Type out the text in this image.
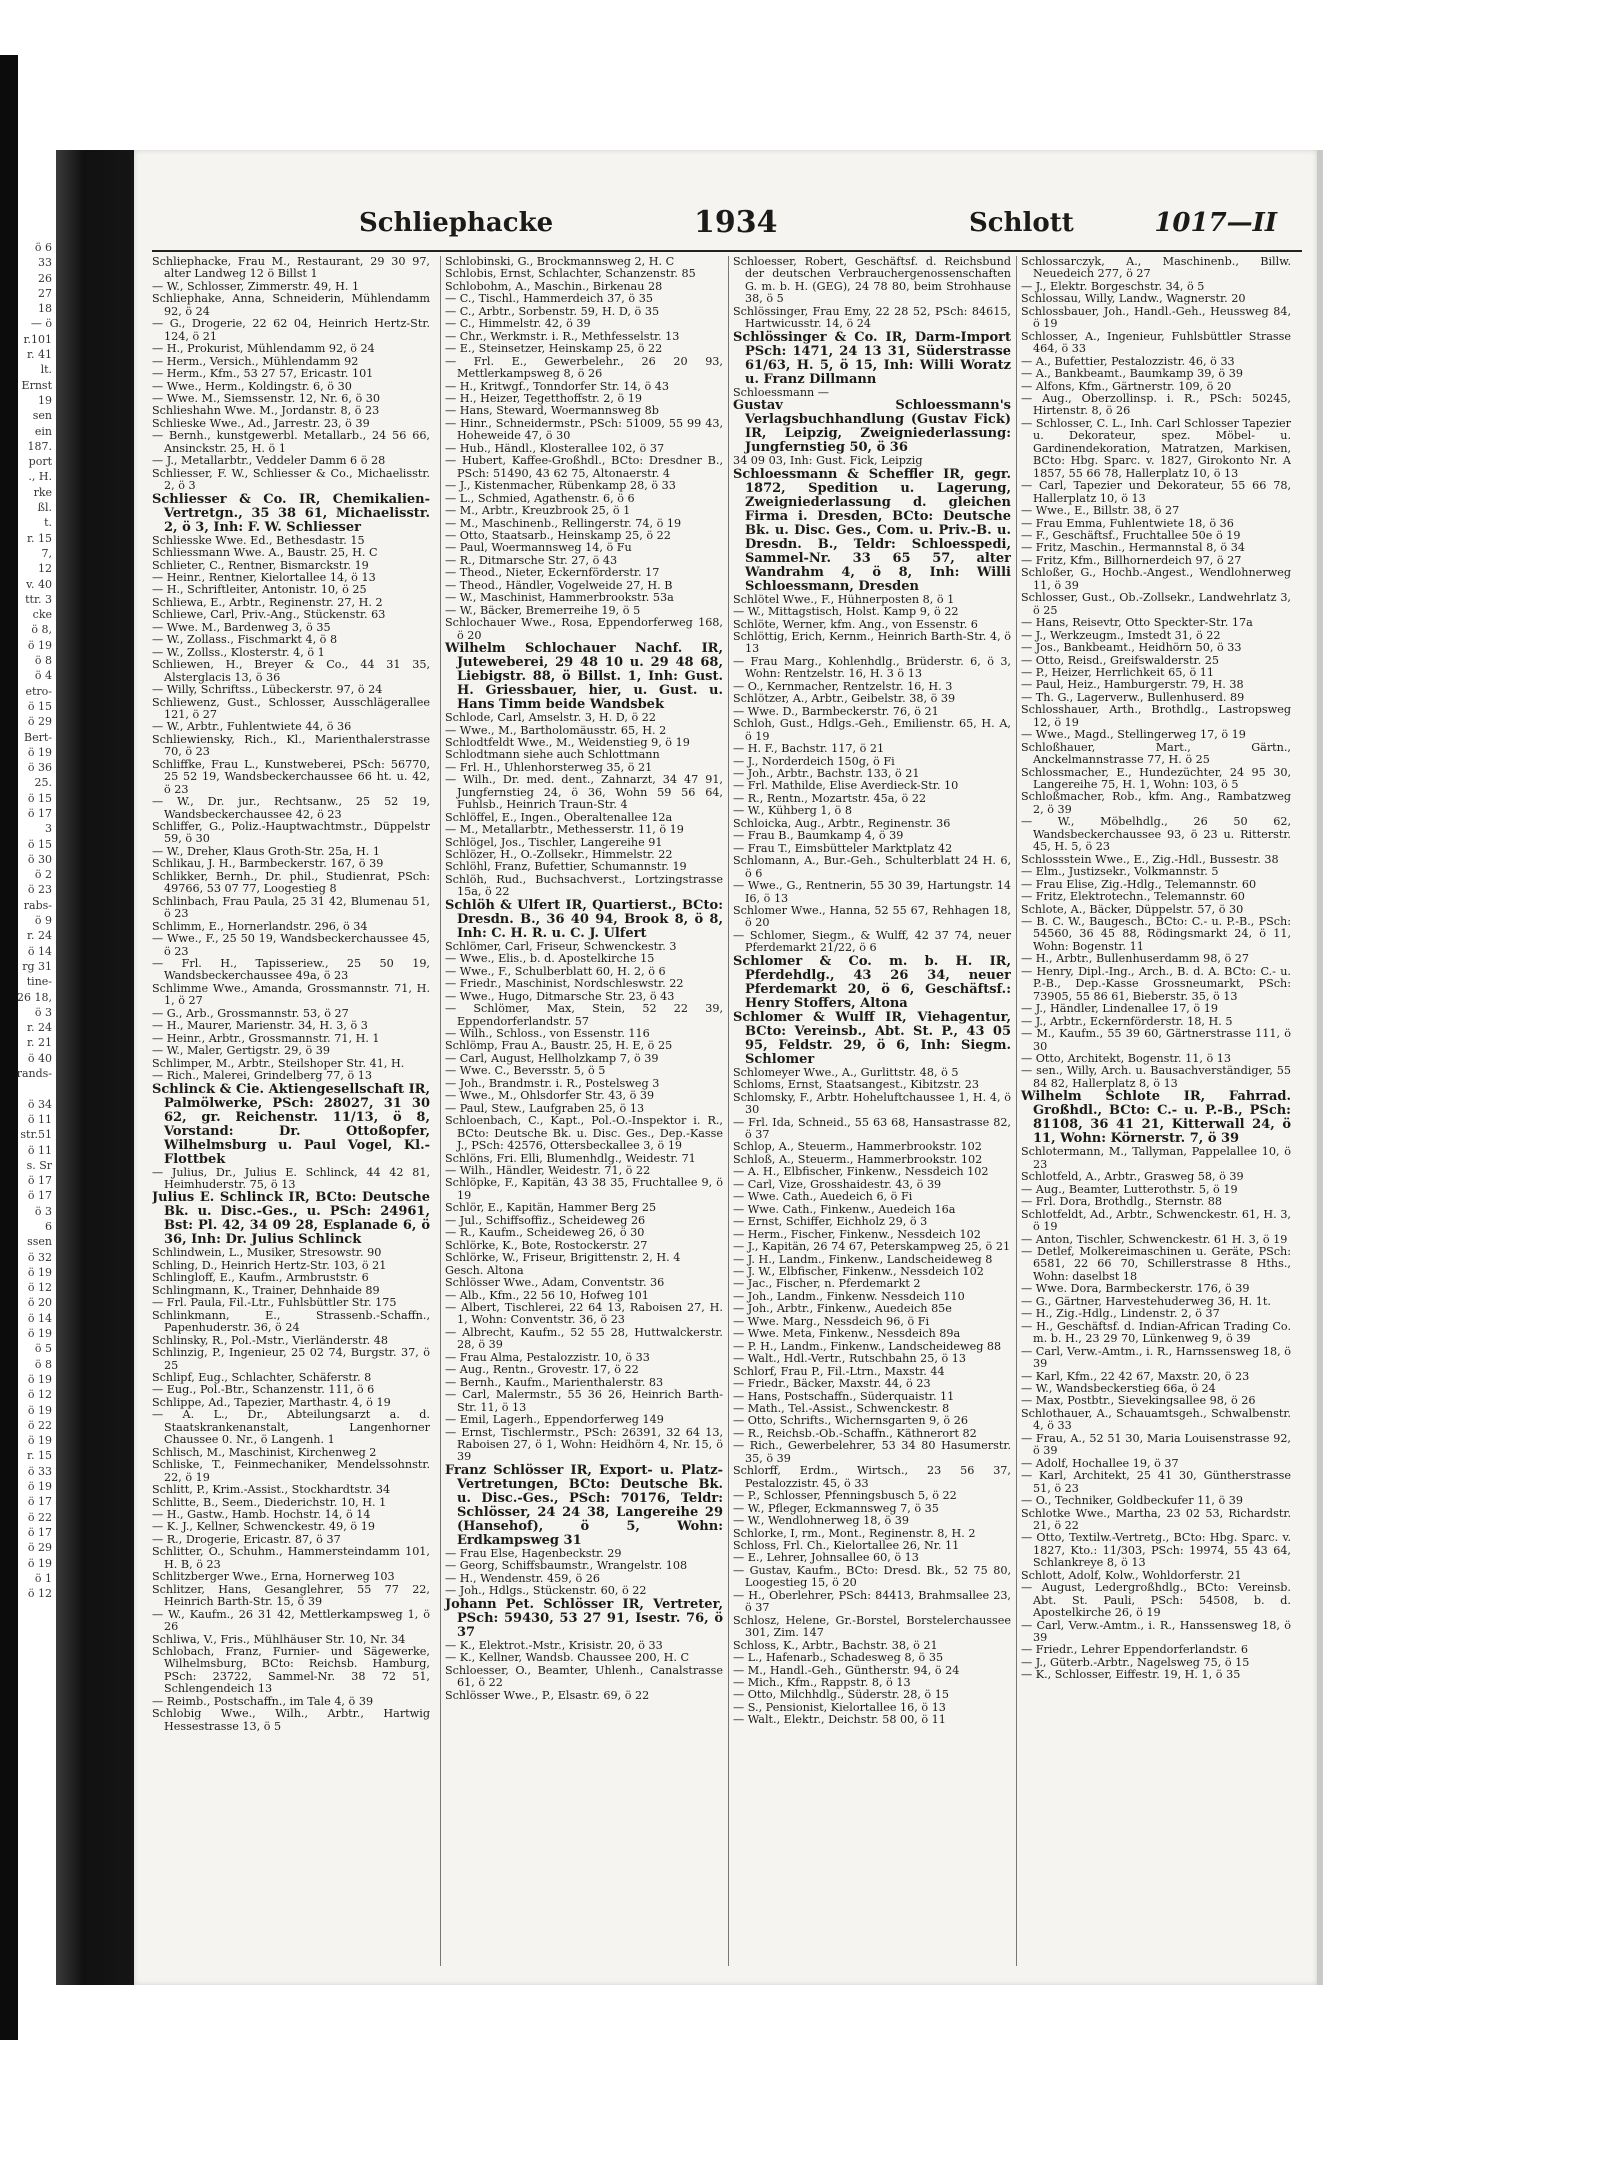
ö 6
33
26
27
18
— ö
r.101
r. 41
lt.
Ernst
19
sen
ein
187.
port
., H.
rke
ßl.
t.
r. 15
7,
12
v. 40
ttr. 3
cke
ö 8,
ö 19
ö 8
ö 4
etro-
ö 15
ö 29
Bert-
ö 19
ö 36
25.
ö 15
ö 17
3
ö 15
ö 30
ö 2
ö 23
rabs-
ö 9
r. 24
ö 14
rg 31
tine-
26 18,
ö 3
r. 24
r. 21
ö 40
rands-
ö 34
ö 11
str.51
ö 11
s. Sr
ö 17
ö 17
ö 3
6
ssen
ö 32
ö 19
ö 12
ö 20
ö 14
ö 19
ö 5
ö 8
ö 19
ö 12
ö 19
ö 22
ö 19
r. 15
ö 33
ö 19
ö 17
ö 22
ö 17
ö 29
ö 19
ö 1
ö 12
Schliephacke	1934	Schlott	1017—II

Schliephacke, Frau M., Restaurant, 29 30 97, alter Landweg 12 ö Billst 1

— W., Schlosser, Zimmerstr. 49, H. 1

Schliephake, Anna, Schneiderin, Mühlendamm 92, ö 24

— G., Drogerie, 22 62 04, Heinrich Hertz-Str. 124, ö 21

— H., Prokurist, Mühlendamm 92, ö 24

— Herm., Versich., Mühlendamm 92

— Herm., Kfm., 53 27 57, Ericastr. 101

— Wwe., Herm., Koldingstr. 6, ö 30

— Wwe. M., Siemssenstr. 12, Nr. 6, ö 30

Schlieshahn Wwe. M., Jordanstr. 8, ö 23

Schlieske Wwe., Ad., Jarrestr. 23, ö 39

— Bernh., kunstgewerbl. Metallarb., 24 56 66, Ansinckstr. 25, H. ö 1

— J., Metallarbtr., Veddeler Damm 6 ö 28

Schliesser, F. W., Schliesser & Co., Michaelisstr. 2, ö 3

Schliesser & Co. IR, Chemikalien-Vertretgn., 35 38 61, Michaelisstr. 2, ö 3, Inh: F. W. Schliesser

Schliesske Wwe. Ed., Bethesdastr. 15

Schliessmann Wwe. A., Baustr. 25, H. C

Schlieter, C., Rentner, Bismarckstr. 19

— Heinr., Rentner, Kielortallee 14, ö 13

— H., Schriftleiter, Antonistr. 10, ö 25

Schliewa, E., Arbtr., Reginenstr. 27, H. 2

Schliewe, Carl, Priv.-Ang., Stückenstr. 63

— Wwe. M., Bardenweg 3, ö 35

— W., Zollass., Fischmarkt 4, ö 8

— W., Zollss., Klosterstr. 4, ö 1

Schliewen, H., Breyer & Co., 44 31 35, Alsterglacis 13, ö 36

— Willy, Schriftss., Lübeckerstr. 97, ö 24

Schliewenz, Gust., Schlosser, Ausschlägerallee 121, ö 27

— W., Arbtr., Fuhlentwiete 44, ö 36

Schliewiensky, Rich., Kl., Marienthalerstrasse 70, ö 23

Schliffke, Frau L., Kunstweberei, PSch: 56770, 25 52 19, Wandsbeckerchaussee 66 ht. u. 42, ö 23

— W., Dr. jur., Rechtsanw., 25 52 19, Wandsbeckerchaussee 42, ö 23

Schliffer, G., Poliz.-Hauptwachtmstr., Düppelstr 59, ö 30

— W., Dreher, Klaus Groth-Str. 25a, H. 1

Schlikau, J. H., Barmbeckerstr. 167, ö 39

Schlikker, Bernh., Dr. phil., Studienrat, PSch: 49766, 53 07 77, Loogestieg 8

Schlinbach, Frau Paula, 25 31 42, Blumenau 51, ö 23

Schlimm, E., Hornerlandstr. 296, ö 34

— Wwe., F., 25 50 19, Wandsbeckerchaussee 45, ö 23

— Frl. H., Tapisseriew., 25 50 19, Wandsbeckerchaussee 49a, ö 23

Schlimme Wwe., Amanda, Grossmannstr. 71, H. 1, ö 27

— G., Arb., Grossmannstr. 53, ö 27

— H., Maurer, Marienstr. 34, H. 3, ö 3

— Heinr., Arbtr., Grossmannstr. 71, H. 1

— W., Maler, Gertigstr. 29, ö 39

Schlimper, M., Arbtr., Steilshoper Str. 41, H.

— Rich., Malerei, Grindelberg 77, ö 13

Schlinck & Cie. Aktiengesellschaft IR, Palmölwerke, PSch: 28027, 31 30 62, gr. Reichenstr. 11/13, ö 8, Vorstand: Dr. Ottoßopfer, Wilhelmsburg u. Paul Vogel, Kl.-Flottbek

— Julius, Dr., Julius E. Schlinck, 44 42 81, Heimhuderstr. 75, ö 13

Julius E. Schlinck IR, BCto: Deutsche Bk. u. Disc.-Ges., u. PSch: 24961, Bst: Pl. 42, 34 09 28, Esplanade 6, ö 36, Inh: Dr. Julius Schlinck

Schlindwein, L., Musiker, Stresowstr. 90

Schling, D., Heinrich Hertz-Str. 103, ö 21

Schlingloff, E., Kaufm., Armbruststr. 6

Schlingmann, K., Trainer, Dehnhaide 89

— Frl. Paula, Fil.-Ltr., Fuhlsbüttler Str. 175

Schlinkmann, E., Strassenb.-Schaffn., Papenhuderstr. 36, ö 24

Schlinsky, R., Pol.-Mstr., Vierländerstr. 48

Schlinzig, P., Ingenieur, 25 02 74, Burgstr. 37, ö 25

Schlipf, Eug., Schlachter, Schäferstr. 8

— Eug., Pol.-Btr., Schanzenstr. 111, ö 6

Schlippe, Ad., Tapezier, Marthastr. 4, ö 19

— A. L., Dr., Abteilungsarzt a. d. Staatskrankenanstalt, Langenhorner Chaussee 0. Nr., ö Langenh. 1

Schlisch, M., Maschinist, Kirchenweg 2

Schliske, T., Feinmechaniker, Mendelssohnstr. 22, ö 19

Schlitt, P., Krim.-Assist., Stockhardtstr. 34

Schlitte, B., Seem., Diederichstr. 10, H. 1

— H., Gastw., Hamb. Hochstr. 14, ö 14

— K. J., Kellner, Schwenckestr. 49, ö 19

— R., Drogerie, Ericastr. 87, ö 37

Schlitter, O., Schuhm., Hammersteindamm 101, H. B, ö 23

Schlitzberger Wwe., Erna, Hornerweg 103

Schlitzer, Hans, Gesanglehrer, 55 77 22, Heinrich Barth-Str. 15, ö 39

— W., Kaufm., 26 31 42, Mettlerkampsweg 1, ö 26

Schliwa, V., Fris., Mühlhäuser Str. 10, Nr. 34

Schlobach, Franz, Furnier- und Sägewerke, Wilhelmsburg, BCto: Reichsb. Hamburg, PSch: 23722, Sammel-Nr. 38 72 51, Schlengendeich 13

— Reimb., Postschaffn., im Tale 4, ö 39

Schlobig Wwe., Wilh., Arbtr., Hartwig Hessestrasse 13, ö 5

Schlobinski, G., Brockmannsweg 2, H. C

Schlobis, Ernst, Schlachter, Schanzenstr. 85

Schlobohm, A., Maschin., Birkenau 28

— C., Tischl., Hammerdeich 37, ö 35

— C., Arbtr., Sorbenstr. 59, H. D, ö 35

— C., Himmelstr. 42, ö 39

— Chr., Werkmstr. i. R., Methfesselstr. 13

— E., Steinsetzer, Heinskamp 25, ö 22

— Frl. E., Gewerbelehr., 26 20 93, Mettlerkampsweg 8, ö 26

— H., Kritwgf., Tonndorfer Str. 14, ö 43

— H., Heizer, Tegetthoffstr. 2, ö 19

— Hans, Steward, Woermannsweg 8b

— Hinr., Schneidermstr., PSch: 51009, 55 99 43, Hoheweide 47, ö 30

— Hub., Händl., Klosterallee 102, ö 37

— Hubert, Kaffee-Großhdl., BCto: Dresdner B., PSch: 51490, 43 62 75, Altonaerstr. 4

— J., Kistenmacher, Rübenkamp 28, ö 33

— L., Schmied, Agathenstr. 6, ö 6

— M., Arbtr., Kreuzbrook 25, ö 1

— M., Maschinenb., Rellingerstr. 74, ö 19

— Otto, Staatsarb., Heinskamp 25, ö 22

— Paul, Woermannsweg 14, ö Fu

— R., Ditmarsche Str. 27, ö 43

— Theod., Nieter, Eckernförderstr. 17

— Theod., Händler, Vogelweide 27, H. B

— W., Maschinist, Hammerbrookstr. 53a

— W., Bäcker, Bremerreihe 19, ö 5

Schlochauer Wwe., Rosa, Eppendorferweg 168, ö 20

Wilhelm Schlochauer Nachf. IR, Juteweberei, 29 48 10 u. 29 48 68, Liebigstr. 88, ö Billst. 1, Inh: Gust. H. Griessbauer, hier, u. Gust. u. Hans Timm beide Wandsbek

Schlode, Carl, Amselstr. 3, H. D, ö 22

— Wwe., M., Bartholomäusstr. 65, H. 2

Schlodtfeldt Wwe., M., Weidenstieg 9, ö 19

Schlodtmann siehe auch Schlottmann

— Frl. H., Uhlenhorsterweg 35, ö 21

— Wilh., Dr. med. dent., Zahnarzt, 34 47 91, Jungfernstieg 24, ö 36, Wohn 59 56 64, Fuhlsb., Heinrich Traun-Str. 4

Schlöffel, E., Ingen., Oberaltenallee 12a

— M., Metallarbtr., Methesserstr. 11, ö 19

Schlögel, Jos., Tischler, Langereihe 91

Schlözer, H., O.-Zollsekr., Himmelstr. 22

Schlöhl, Franz, Bufettier, Schumannstr. 19

Schlöh, Rud., Buchsachverst., Lortzingstrasse 15a, ö 22

Schlöh & Ulfert IR, Quartierst., BCto: Dresdn. B., 36 40 94, Brook 8, ö 8, Inh: C. H. R. u. C. J. Ulfert

Schlömer, Carl, Friseur, Schwenckestr. 3

— Wwe., Elis., b. d. Apostelkirche 15

— Wwe., F., Schulberblatt 60, H. 2, ö 6

— Friedr., Maschinist, Nordschleswstr. 22

— Wwe., Hugo, Ditmarsche Str. 23, ö 43

— Schlömer, Max, Stein, 52 22 39, Eppendorferlandstr. 57

— Wilh., Schloss., von Essenstr. 116

Schlömp, Frau A., Baustr. 25, H. E, ö 25

— Carl, August, Hellholzkamp 7, ö 39

— Wwe. C., Beversstr. 5, ö 5

— Joh., Brandmstr. i. R., Postelsweg 3

— Wwe., M., Ohlsdorfer Str. 43, ö 39

— Paul, Stew., Laufgraben 25, ö 13

Schloenbach, C., Kapt., Pol.-O.-Inspektor i. R., BCto: Deutsche Bk. u. Disc. Ges., Dep.-Kasse J., PSch: 42576, Ottersbeckallee 3, ö 19

Schlöns, Fri. Elli, Blumenhdlg., Weidestr. 71

— Wilh., Händler, Weidestr. 71, ö 22

Schlöpke, F., Kapitän, 43 38 35, Fruchtallee 9, ö 19

Schlör, E., Kapitän, Hammer Berg 25

— Jul., Schiffsoffiz., Scheideweg 26

— R., Kaufm., Scheideweg 26, ö 30

Schlörke, K., Bote, Rostockerstr. 27

Schlörke, W., Friseur, Brigittenstr. 2, H. 4

Gesch. Altona

Schlösser Wwe., Adam, Conventstr. 36

— Alb., Kfm., 22 56 10, Hofweg 101

— Albert, Tischlerei, 22 64 13, Raboisen 27, H. 1, Wohn: Conventstr. 36, ö 23

— Albrecht, Kaufm., 52 55 28, Huttwalckerstr. 28, ö 39

— Frau Alma, Pestalozzistr. 10, ö 33

— Aug., Rentn., Grovestr. 17, ö 22

— Bernh., Kaufm., Marienthalerstr. 83

— Carl, Malermstr., 55 36 26, Heinrich Barth-Str. 11, ö 13

— Emil, Lagerh., Eppendorferweg 149

— Ernst, Tischlermstr., PSch: 26391, 32 64 13, Raboisen 27, ö 1, Wohn: Heidhörn 4, Nr. 15, ö 39

Franz Schlösser IR, Export- u. Platz-Vertretungen, BCto: Deutsche Bk. u. Disc.-Ges., PSch: 70176, Teldr: Schlösser, 24 24 38, Langereihe 29 (Hansehof), ö 5, Wohn: Erdkampsweg 31

— Frau Else, Hagenbeckstr. 29

— Georg, Schiffsbaumstr., Wrangelstr. 108

— H., Wendenstr. 459, ö 26

— Joh., Hdlgs., Stückenstr. 60, ö 22

Johann Pet. Schlösser IR, Vertreter, PSch: 59430, 53 27 91, Isestr. 76, ö 37

— K., Elektrot.-Mstr., Krisistr. 20, ö 33

— K., Kellner, Wandsb. Chaussee 200, H. C

Schloesser, O., Beamter, Uhlenh., Canalstrasse 61, ö 22

Schlösser Wwe., P., Elsastr. 69, ö 22

Schloesser, Robert, Geschäftsf. d. Reichsbund der deutschen Verbrauchergenossenschaften G. m. b. H. (GEG), 24 78 80, beim Strohhause 38, ö 5

Schlössinger, Frau Emy, 22 28 52, PSch: 84615, Hartwicusstr. 14, ö 24

Schlössinger & Co. IR, Darm-Import PSch: 1471, 24 13 31, Süderstrasse 61/63, H. 5, ö 15, Inh: Willi Woratz u. Franz Dillmann

Schloessmann —

Gustav Schloessmann's Verlagsbuchhandlung (Gustav Fick) IR, Leipzig, Zweigniederlassung: Jungfernstieg 50, ö 36

34 09 03, Inh: Gust. Fick, Leipzig

Schloessmann & Scheffler IR, gegr. 1872, Spedition u. Lagerung, Zweigniederlassung d. gleichen Firma i. Dresden, BCto: Deutsche Bk. u. Disc. Ges., Com. u. Priv.-B. u. Dresdn. B., Teldr: Schloesspedi, Sammel-Nr. 33 65 57, alter Wandrahm 4, ö 8, Inh: Willi Schloessmann, Dresden

Schlötel Wwe., F., Hühnerposten 8, ö 1

— W., Mittagstisch, Holst. Kamp 9, ö 22

Schlöte, Werner, kfm. Ang., von Essenstr. 6

Schlöttig, Erich, Kernm., Heinrich Barth-Str. 4, ö 13

— Frau Marg., Kohlenhdlg., Brüderstr. 6, ö 3, Wohn: Rentzelstr. 16, H. 3 ö 13

— O., Kernmacher, Rentzelstr. 16, H. 3

Schlötzer, A., Arbtr., Geibelstr. 38, ö 39

— Wwe. D., Barmbeckerstr. 76, ö 21

Schloh, Gust., Hdlgs.-Geh., Emilienstr. 65, H. A, ö 19

— H. F., Bachstr. 117, ö 21

— J., Norderdeich 150g, ö Fi

— Joh., Arbtr., Bachstr. 133, ö 21

— Frl. Mathilde, Elise Averdieck-Str. 10

— R., Rentn., Mozartstr. 45a, ö 22

— W., Kühberg 1, ö 8

Schloicka, Aug., Arbtr., Reginenstr. 36

— Frau B., Baumkamp 4, ö 39

— Frau T., Eimsbütteler Marktplatz 42

Schlomann, A., Bur.-Geh., Schulterblatt 24 H. 6, ö 6

— Wwe., G., Rentnerin, 55 30 39, Hartungstr. 14 I6, ö 13

Schlomer Wwe., Hanna, 52 55 67, Rehhagen 18, ö 20

— Schlomer, Siegm., & Wulff, 42 37 74, neuer Pferdemarkt 21/22, ö 6

Schlomer & Co. m. b. H. IR, Pferdehdlg., 43 26 34, neuer Pferdemarkt 20, ö 6, Geschäftsf.: Henry Stoffers, Altona

Schlomer & Wulff IR, Viehagentur, BCto: Vereinsb., Abt. St. P., 43 05 95, Feldstr. 29, ö 6, Inh: Siegm. Schlomer

Schlomeyer Wwe., A., Gurlittstr. 48, ö 5

Schloms, Ernst, Staatsangest., Kibitzstr. 23

Schlomsky, F., Arbtr. Hoheluftchaussee 1, H. 4, ö 30

— Frl. Ida, Schneid., 55 63 68, Hansastrasse 82, ö 37

Schlop, A., Steuerm., Hammerbrookstr. 102

Schloß, A., Steuerm., Hammerbrookstr. 102

— A. H., Elbfischer, Finkenw., Nessdeich 102

— Carl, Vize, Grosshaidestr. 43, ö 39

— Wwe. Cath., Auedeich 6, ö Fi

— Wwe. Cath., Finkenw., Auedeich 16a

— Ernst, Schiffer, Eichholz 29, ö 3

— Herm., Fischer, Finkenw., Nessdeich 102

— J., Kapitän, 26 74 67, Peterskampweg 25, ö 21

— J. H., Landm., Finkenw., Landscheideweg 8

— J. W., Elbfischer, Finkenw., Nessdeich 102

— Jac., Fischer, n. Pferdemarkt 2

— Joh., Landm., Finkenw. Nessdeich 110

— Joh., Arbtr., Finkenw., Auedeich 85e

— Wwe. Marg., Nessdeich 96, ö Fi

— Wwe. Meta, Finkenw., Nessdeich 89a

— P. H., Landm., Finkenw., Landscheideweg 88

— Walt., Hdl.-Vertr., Rutschbahn 25, ö 13

Schlorf, Frau P., Fil.-Ltrn., Maxstr. 44

— Friedr., Bäcker, Maxstr. 44, ö 23

— Hans, Postschaffn., Süderquaistr. 11

— Math., Tel.-Assist., Schwenckestr. 8

— Otto, Schrifts., Wichernsgarten 9, ö 26

— R., Reichsb.-Ob.-Schaffn., Käthnerort 82

— Rich., Gewerbelehrer, 53 34 80 Hasumerstr. 35, ö 39

Schlorff, Erdm., Wirtsch., 23 56 37, Pestalozzistr. 45, ö 33

— P., Schlosser, Pfenningsbusch 5, ö 22

— W., Pfleger, Eckmannsweg 7, ö 35

— W., Wendlohnerweg 18, ö 39

Schlorke, I, rm., Mont., Reginenstr. 8, H. 2

Schloss, Frl. Ch., Kielortallee 26, Nr. 11

— E., Lehrer, Johnsallee 60, ö 13

— Gustav, Kaufm., BCto: Dresd. Bk., 52 75 80, Loogestieg 15, ö 20

— H., Oberlehrer, PSch: 84413, Brahmsallee 23, ö 37

Schlosz, Helene, Gr.-Borstel, Borstelerchaussee 301, Zim. 147

Schloss, K., Arbtr., Bachstr. 38, ö 21

— L., Hafenarb., Schadesweg 8, ö 35

— M., Handl.-Geh., Güntherstr. 94, ö 24

— Mich., Kfm., Rappstr. 8, ö 13

— Otto, Milchhdlg., Süderstr. 28, ö 15

— S., Pensionist, Kielortallee 16, ö 13

— Walt., Elektr., Deichstr. 58 00, ö 11

Schlossarczyk, A., Maschinenb., Billw. Neuedeich 277, ö 27

— J., Elektr. Borgeschstr. 34, ö 5

Schlossau, Willy, Landw., Wagnerstr. 20

Schlossbauer, Joh., Handl.-Geh., Heussweg 84, ö 19

Schlosser, A., Ingenieur, Fuhlsbüttler Strasse 464, ö 33

— A., Bufettier, Pestalozzistr. 46, ö 33

— A., Bankbeamt., Baumkamp 39, ö 39

— Alfons, Kfm., Gärtnerstr. 109, ö 20

— Aug., Oberzollinsp. i. R., PSch: 50245, Hirtenstr. 8, ö 26

— Schlosser, C. L., Inh. Carl Schlosser Tapezier u. Dekorateur, spez. Möbel- u. Gardinendekoration, Matratzen, Markisen, BCto: Hbg. Sparc. v. 1827, Girokonto Nr. A 1857, 55 66 78, Hallerplatz 10, ö 13

— Carl, Tapezier und Dekorateur, 55 66 78, Hallerplatz 10, ö 13

— Wwe., E., Billstr. 38, ö 27

— Frau Emma, Fuhlentwiete 18, ö 36

— F., Geschäftsf., Fruchtallee 50e ö 19

— Fritz, Maschin., Hermannstal 8, ö 34

— Fritz, Kfm., Billhornerdeich 97, ö 27

Schloßer, G., Hochb.-Angest., Wendlohnerweg 11, ö 39

Schlosser, Gust., Ob.-Zollsekr., Landwehrlatz 3, ö 25

— Hans, Reisevtr, Otto Speckter-Str. 17a

— J., Werkzeugm., Imstedt 31, ö 22

— Jos., Bankbeamt., Heidhörn 50, ö 33

— Otto, Reisd., Greifswalderstr. 25

— P., Heizer, Herrlichkeit 65, ö 11

— Paul, Heiz., Hamburgerstr. 79, H. 38

— Th. G., Lagerverw., Bullenhuserd. 89

Schlosshauer, Arth., Brothdlg., Lastropsweg 12, ö 19

— Wwe., Magd., Stellingerweg 17, ö 19

Schloßhauer, Mart., Gärtn., Anckelmannstrasse 77, H. ö 25

Schlossmacher, E., Hundezüchter, 24 95 30, Langereihe 75, H. 1, Wohn: 103, ö 5

Schloßmacher, Rob., kfm. Ang., Rambatzweg 2, ö 39

— W., Möbelhdlg., 26 50 62, Wandsbeckerchaussee 93, ö 23 u. Ritterstr. 45, H. 5, ö 23

Schlossstein Wwe., E., Zig.-Hdl., Bussestr. 38

— Elm., Justizsekr., Volkmannstr. 5

— Frau Elise, Zig.-Hdlg., Telemannstr. 60

— Fritz, Elektrotechn., Telemannstr. 60

Schlote, A., Bäcker, Düppelstr. 57, ö 30

— B. C. W., Baugesch., BCto: C.- u. P.-B., PSch: 54560, 36 45 88, Rödingsmarkt 24, ö 11, Wohn: Bogenstr. 11

— H., Arbtr., Bullenhuserdamm 98, ö 27

— Henry, Dipl.-Ing., Arch., B. d. A. BCto: C.- u. P.-B., Dep.-Kasse Grossneumarkt, PSch: 73905, 55 86 61, Bieberstr. 35, ö 13

— J., Händler, Lindenallee 17, ö 19

— J., Arbtr., Eckernförderstr. 18, H. 5

— M., Kaufm., 55 39 60, Gärtnerstrasse 111, ö 30

— Otto, Architekt, Bogenstr. 11, ö 13

— sen., Willy, Arch. u. Bausachverständiger, 55 84 82, Hallerplatz 8, ö 13

Wilhelm Schlote IR, Fahrrad. Großhdl., BCto: C.- u. P.-B., PSch: 81108, 36 41 21, Kitterwall 24, ö 11, Wohn: Körnerstr. 7, ö 39

Schlotermann, M., Tallyman, Pappelallee 10, ö 23

Schlotfeld, A., Arbtr., Grasweg 58, ö 39

— Aug., Beamter, Lutterothstr. 5, ö 19

— Frl. Dora, Brothdlg., Sternstr. 88

Schlotfeldt, Ad., Arbtr., Schwenckestr. 61, H. 3, ö 19

— Anton, Tischler, Schwenckestr. 61 H. 3, ö 19

— Detlef, Molkereimaschinen u. Geräte, PSch: 6581, 22 66 70, Schillerstrasse 8 Hths., Wohn: daselbst 18

— Wwe. Dora, Barmbeckerstr. 176, ö 39

— G., Gärtner, Harvestehuderweg 36, H. 1t.

— H., Zig.-Hdlg., Lindenstr. 2, ö 37

— H., Geschäftsf. d. Indian-African Trading Co. m. b. H., 23 29 70, Lünkenweg 9, ö 39

— Carl, Verw.-Amtm., i. R., Harnssensweg 18, ö 39

— Karl, Kfm., 22 42 67, Maxstr. 20, ö 23

— W., Wandsbeckerstieg 66a, ö 24

— Max, Postbtr., Sievekingsallee 98, ö 26

Schlothauer, A., Schauamtsgeh., Schwalbenstr. 4, ö 33

— Frau, A., 52 51 30, Maria Louisenstrasse 92, ö 39

— Adolf, Hochallee 19, ö 37

— Karl, Architekt, 25 41 30, Güntherstrasse 51, ö 23

— O., Techniker, Goldbeckufer 11, ö 39

Schlotke Wwe., Martha, 23 02 53, Richardstr. 21, ö 22

— Otto, Textilw.-Vertretg., BCto: Hbg. Sparc. v. 1827, Kto.: 11/303, PSch: 19974, 55 43 64, Schlankreye 8, ö 13

Schlott, Adolf, Kolw., Wohldorferstr. 21

— August, Ledergroßhdlg., BCto: Vereinsb. Abt. St. Pauli, PSch: 54508, b. d. Apostelkirche 26, ö 19

— Carl, Verw.-Amtm., i. R., Hanssensweg 18, ö 39

— Friedr., Lehrer Eppendorferlandstr. 6

— J., Güterb.-Arbtr., Nagelsweg 75, ö 15

— K., Schlosser, Eiffestr. 19, H. 1, ö 35
